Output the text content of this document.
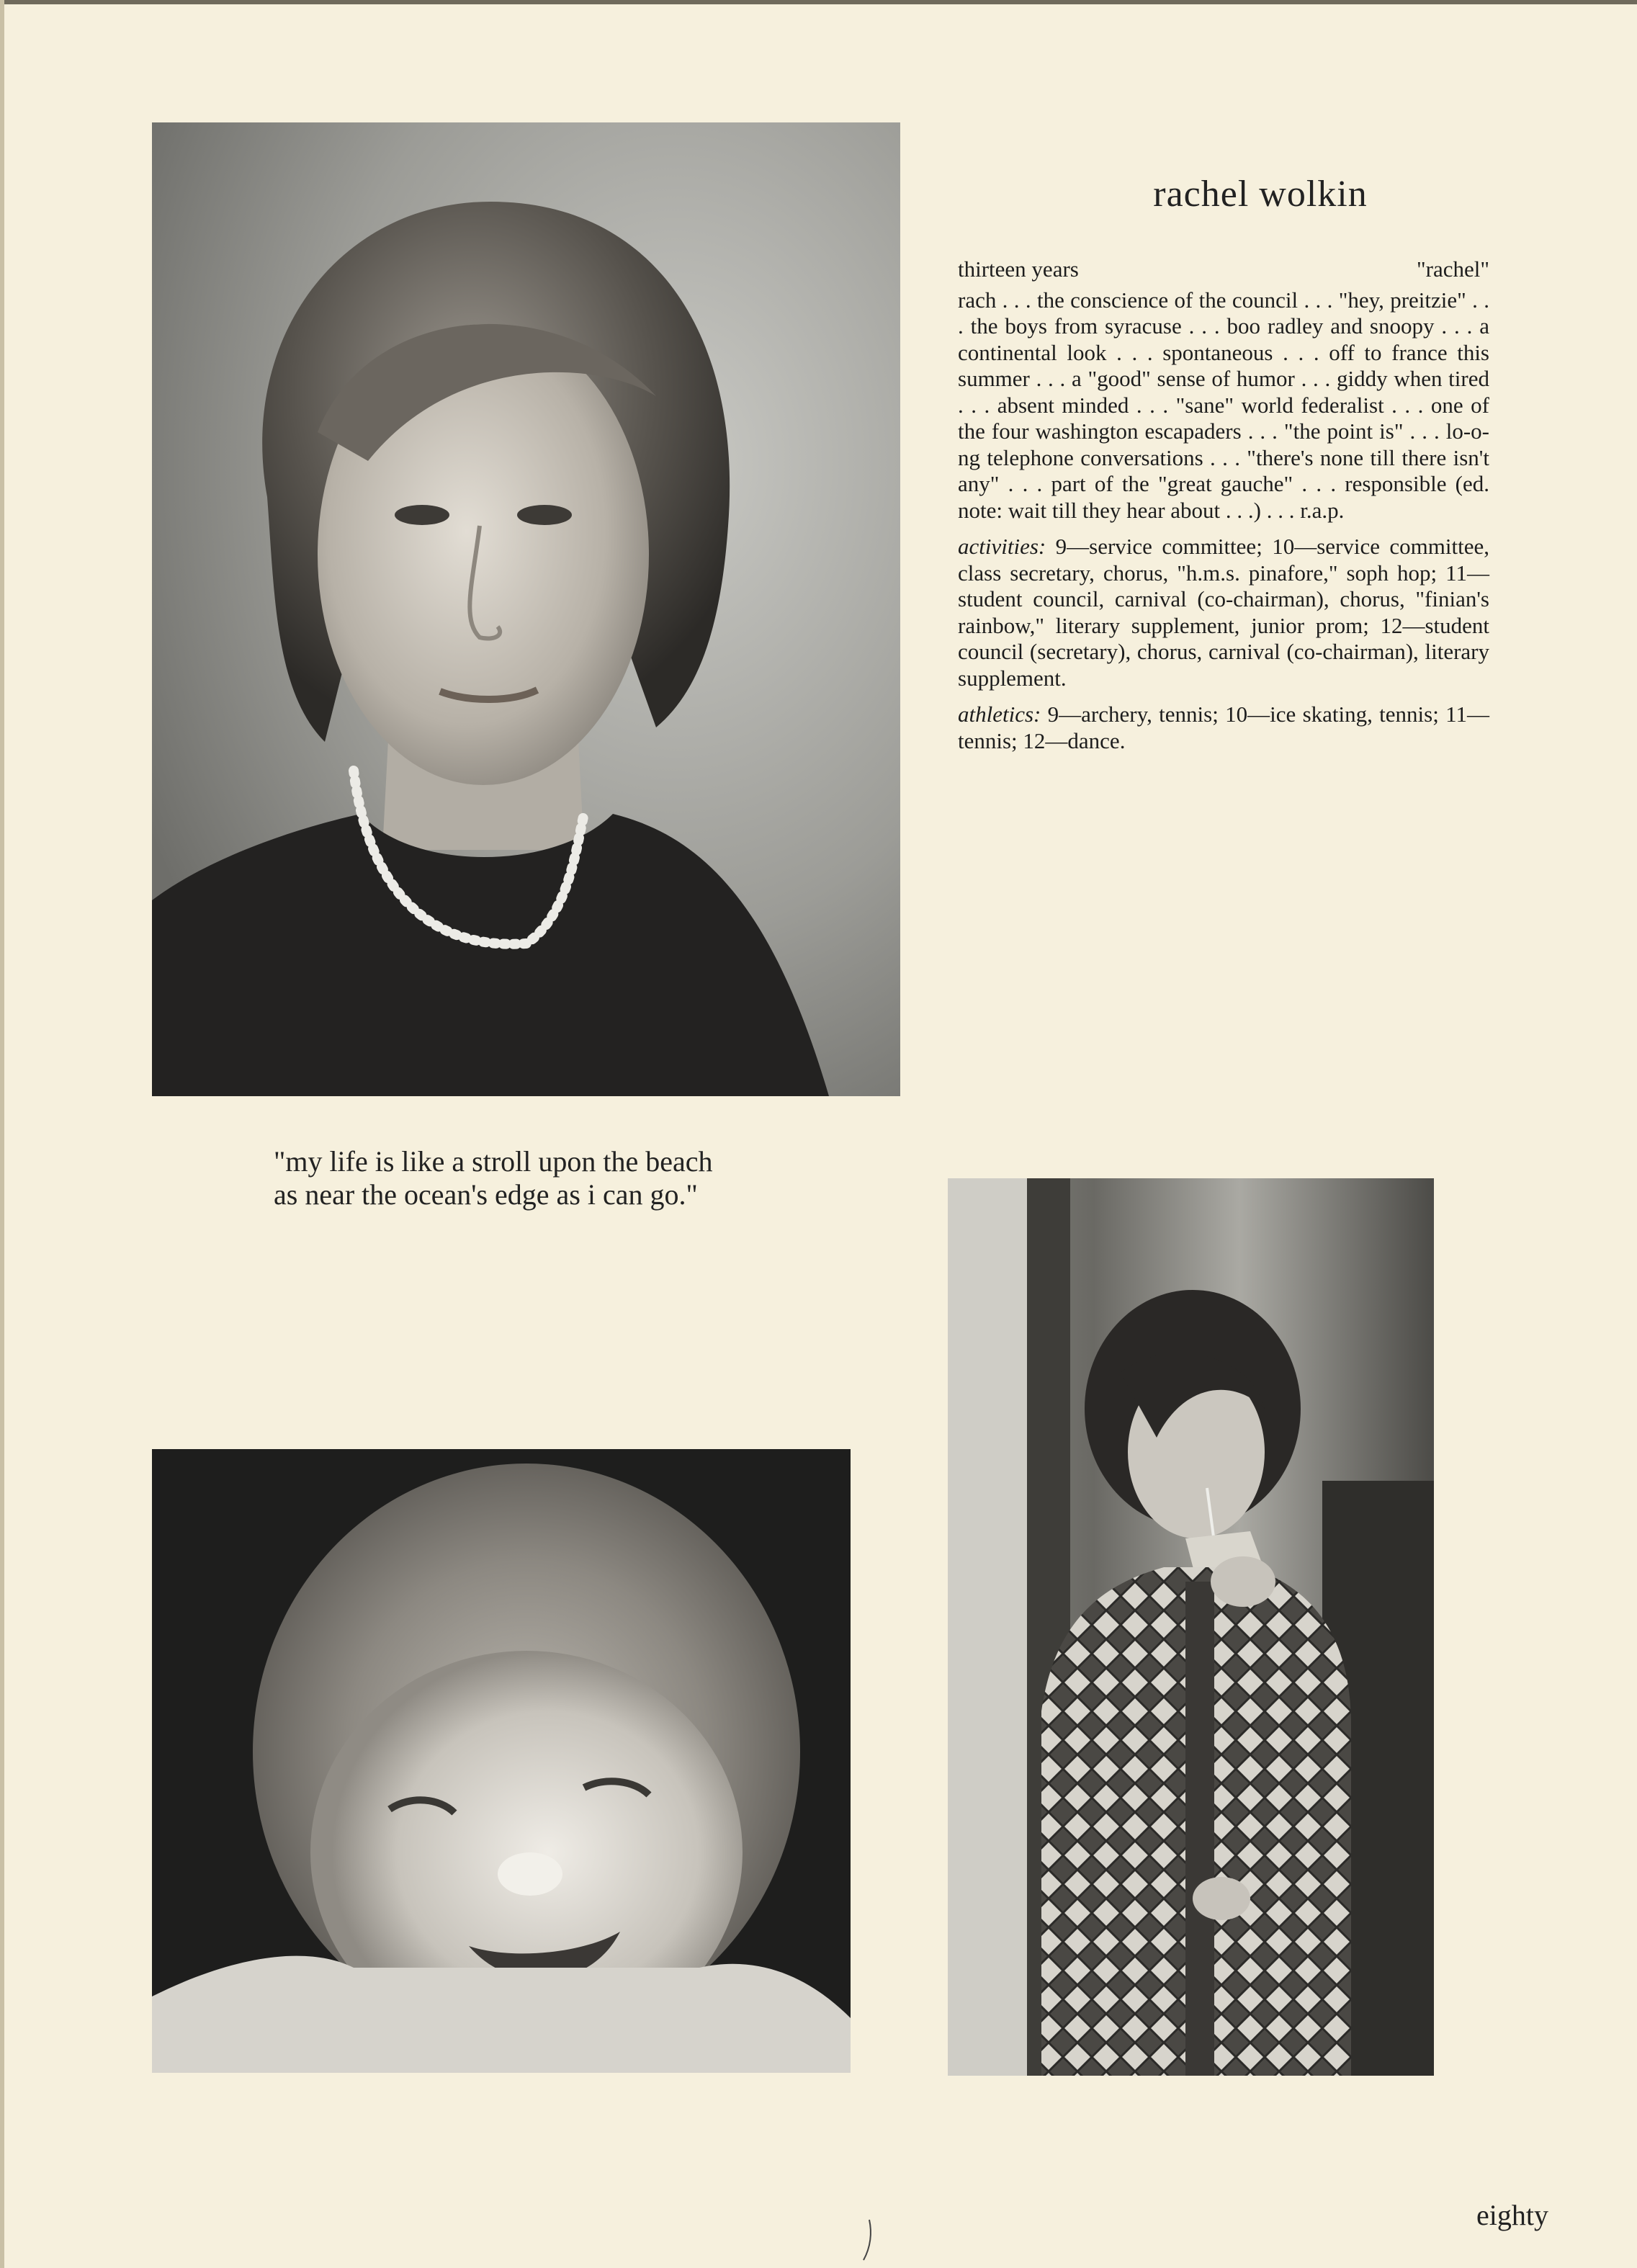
rachel wolkin
thirteen years	"rachel"

rach . . . the conscience of the council . . . "hey, preitzie" . . . the boys from syracuse . . . boo radley and snoopy . . . a continental look . . . spontaneous . . . off to france this summer . . . a "good" sense of humor . . . giddy when tired . . . absent minded . . . "sane" world federalist . . . one of the four washington escapaders . . . "the point is" . . . lo-o-ng telephone conversations . . . "there's none till there isn't any" . . . part of the "great gauche" . . . responsible (ed. note: wait till they hear about . . .) . . . r.a.p.

activities: 9—service committee; 10—service committee, class secretary, chorus, "h.m.s. pinafore," soph hop; 11—student council, carnival (co-chairman), chorus, "finian's rainbow," literary supplement, junior prom; 12—student council (secretary), chorus, carnival (co-chairman), literary supplement.

athletics: 9—archery, tennis; 10—ice skating, tennis; 11—tennis; 12—dance.

"my life is like a stroll upon the beach
as near the ocean's edge as i can go."
eighty
